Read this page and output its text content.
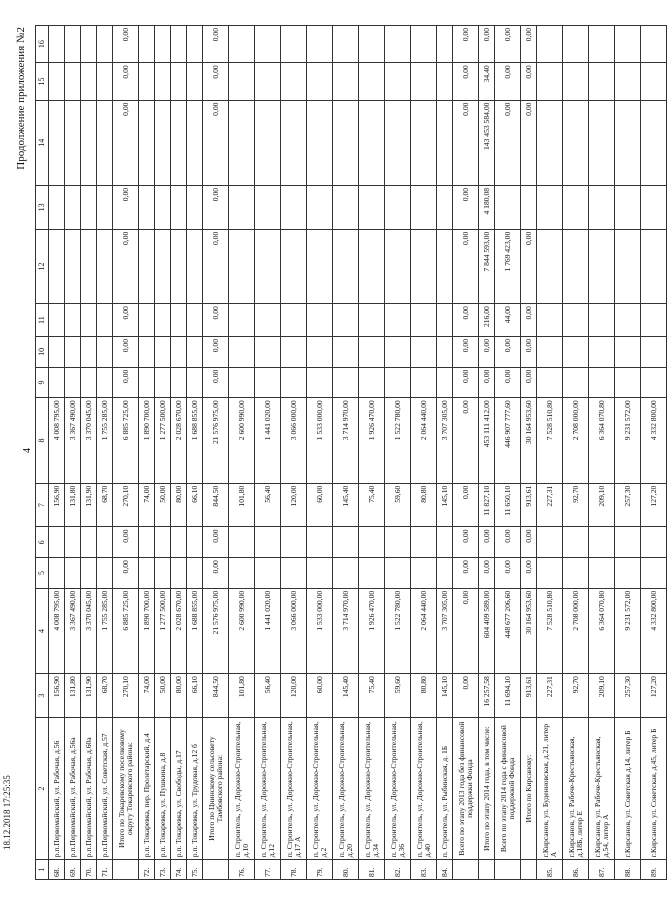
Продолжение приложения №2
4
1	2	3	4	5	6	7	8	9	10	11	12	13	14	15	16
68.	р.п.Первомайский, ул. Рабочая, д.56	156,90	4 008 795,00			156,90	4 008 795,00								
69.	р.п.Первомайский, ул. Рабочая, д.56а	131,80	3 367 490,00			131,80	3 367 490,00								
70.	р.п.Первомайский, ул. Рабочая, д.60а	131,90	3 370 045,00			131,90	3 370 045,00								
71.	р.п.Первомайский, ул. Советская, д.57	68,70	1 755 285,00			68,70	1 755 285,00								
	Итого по Токаревскому поселковому округу Токаревского района:	270,10	6 885 725,00	0,00	0,00	270,10	6 885 725,00	0,00	0,00	0,00	0,00	0,00	0,00	0,00	0,00
72.	р.п. Токаревка, пер. Пролетарский, д.4	74,00	1 890 700,00			74,00	1 890 700,00								
73.	р.п. Токаревка, ул. Пушкина, д.8	50,00	1 277 500,00			50,00	1 277 500,00								
74.	р.п. Токаревка, ул. Свободы, д.17	80,00	2 028 670,00			80,00	2 028 670,00								
75.	р.п. Токаревка, ул. Трудовая, д.12 б	66,10	1 688 855,00			66,10	1 688 855,00								
	Итого по Цнинскому сельсовету Тамбовского района:	844,50	21 576 975,00	0,00	0,00	844,50	21 576 975,00	0,00	0,00	0,00	0,00	0,00	0,00	0,00	0,00
76.	п. Строитель, ул. Дорожно-Строительная, д.10	101,80	2 600 990,00			101,80	2 600 990,00								
77.	п. Строитель, ул. Дорожно-Строительная, д.12	56,40	1 441 020,00			56,40	1 441 020,00								
78.	п. Строитель, ул. Дорожно-Строительная, д.17 А	120,00	3 066 000,00			120,00	3 066 000,00								
79.	п. Строитель, ул. Дорожно-Строительная, д.2	60,00	1 533 000,00			60,00	1 533 000,00								
80.	п. Строитель, ул. Дорожно-Строительная, д.20	145,40	3 714 970,00			145,40	3 714 970,00								
81.	п. Строитель, ул. Дорожно-Строительная, д.34	75,40	1 926 470,00			75,40	1 926 470,00								
82.	п. Строитель, ул. Дорожно-Строительная, д.36	59,60	1 522 780,00			59,60	1 522 780,00								
83.	п. Строитель, ул. Дорожно-Строительная, д.40	80,80	2 064 440,00			80,80	2 064 440,00								
84.	п. Строитель, ул. Рыбинская, д. 1Б	145,10	3 707 305,00			145,10	3 707 305,00								
	Всего по этапу 2013 года без финансовой поддержки Фонда	0,00	0,00	0,00	0,00	0,00	0,00	0,00	0,00	0,00	0,00	0,00	0,00	0,00	0,00
	Итого по этапу 2014 года, в том числе:	16 257,58	604 409 589,00	0,00	0,00	11 827,10	453 111 412,00	0,00	0,00	216,00	7 844 593,00	4 180,08	143 453 584,00	34,40	0,00
	Всего по этапу 2014 года с финансовой поддержкой Фонда	11 694,10	448 677 206,60	0,00	0,00	11 650,10	446 907 777,60	0,00	0,00	44,00	1 769 423,00		0,00	0,00	0,00
	Итого по Кирсанову:	913,61	30 164 953,60	0,00	0,00	913,61	30 164 953,60	0,00	0,00	0,00	0,00		0,00	0,00	0,00
85.	г.Кирсанов, ул. Буденновская, д.21, литер А	227,31	7 528 510,80			227,31	7 528 510,80								
86.	г.Кирсанов, ул. Рабоче-Крестьянская, д.18Б, литер Е	92,70	2 708 000,00			92,70	2 708 000,00								
87.	г.Кирсанов, ул. Рабоче-Крестьянская, д.54, литер А	209,10	6 364 070,80			209,10	6 364 070,80								
88.	г.Кирсанов, ул. Советская д.14, литер Б	257,30	9 231 572,00			257,30	9 231 572,00								
89.	г.Кирсанов, ул. Советская, д.45, литер Б	127,20	4 332 800,00			127,20	4 332 800,00								
18.12.2018 17:25:35
